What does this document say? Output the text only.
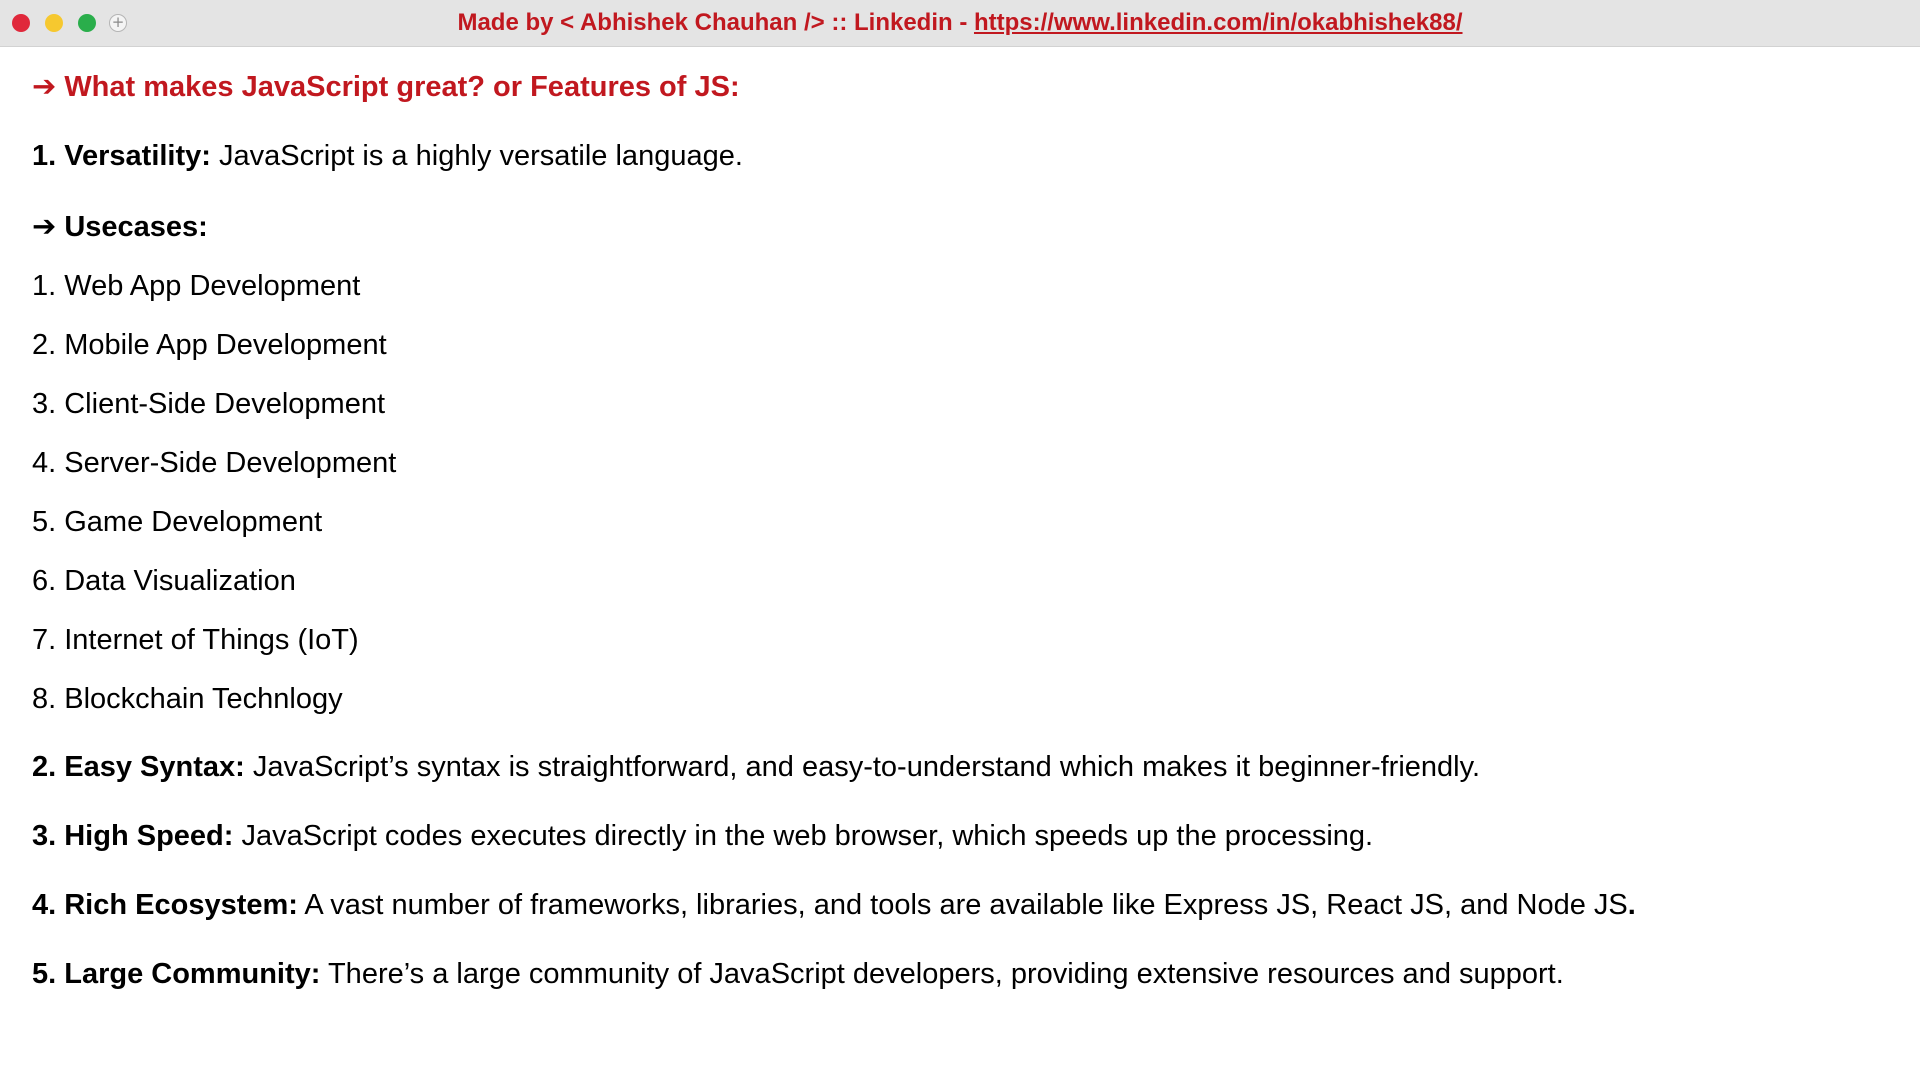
+	Made by < Abhishek Chauhan /> :: Linkedin - https://www.linkedin.com/in/okabhishek88/
➔ What makes JavaScript great? or Features of JS:
1. Versatility: JavaScript is a highly versatile language.
➔ Usecases:
1. Web App Development
2. Mobile App Development
3. Client-Side Development
4. Server-Side Development
5. Game Development
6. Data Visualization
7. Internet of Things (IoT)
8. Blockchain Technlogy
2. Easy Syntax: JavaScript’s syntax is straightforward, and easy-to-understand which makes it beginner-friendly.
3. High Speed: JavaScript codes executes directly in the web browser, which speeds up the processing.
4. Rich Ecosystem: A vast number of frameworks, libraries, and tools are available like Express JS, React JS, and Node JS.
5. Large Community: There’s a large community of JavaScript developers, providing extensive resources and support.
